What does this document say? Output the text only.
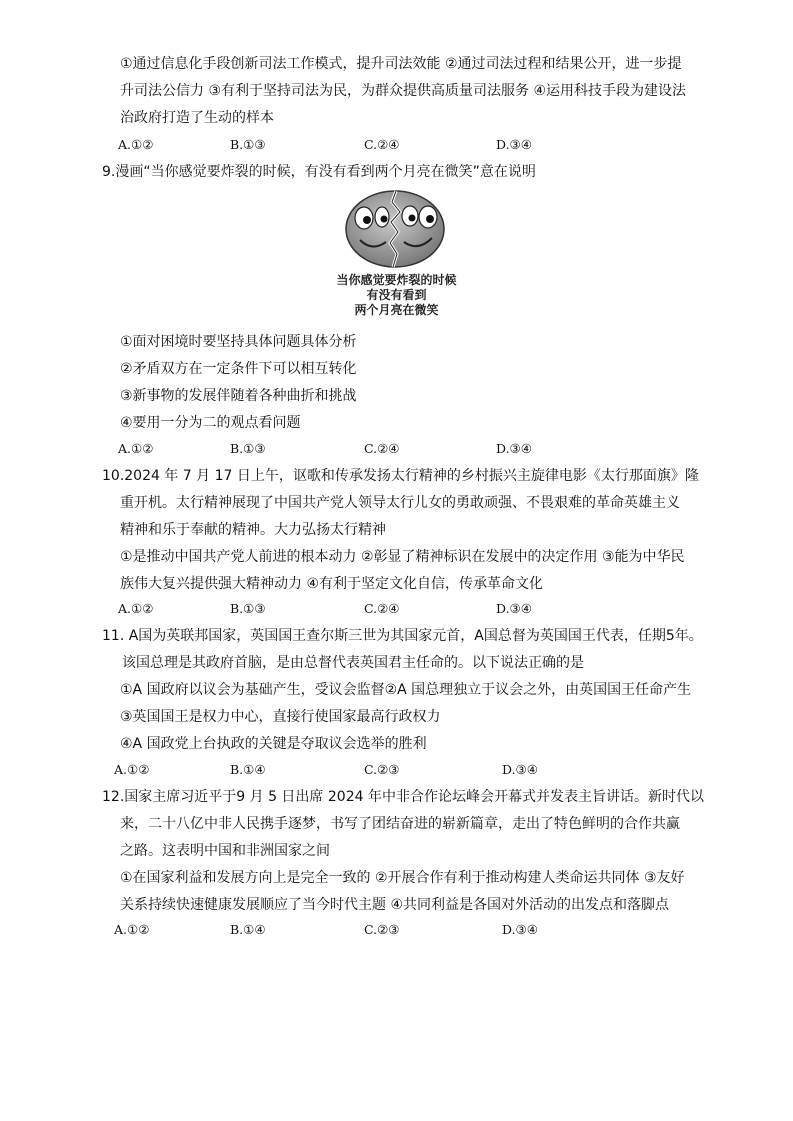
①通过信息化手段创新司法工作模式，提升司法效能 ②通过司法过程和结果公开，进一步提
升司法公信力 ③有利于坚持司法为民，为群众提供高质量司法服务 ④运用科技手段为建设法
治政府打造了生动的样本
A.①②	B.①③	C.②④	D.③④
9.漫画“当你感觉要炸裂的时候，有没有看到两个月亮在微笑”意在说明
当你感觉要炸裂的时候
有没有看到
两个月亮在微笑
①面对困境时要坚持具体问题具体分析
②矛盾双方在一定条件下可以相互转化
③新事物的发展伴随着各种曲折和挑战
④要用一分为二的观点看问题
A.①②	B.①③	C.②④	D.③④
10.2024 年 7 月 17 日上午，讴歌和传承发扬太行精神的乡村振兴主旋律电影《太行那面旗》隆
重开机。太行精神展现了中国共产党人领导太行儿女的勇敢顽强、不畏艰难的革命英雄主义
精神和乐于奉献的精神。大力弘扬太行精神
①是推动中国共产党人前进的根本动力 ②彰显了精神标识在发展中的决定作用 ③能为中华民
族伟大复兴提供强大精神动力 ④有利于坚定文化自信，传承革命文化
A.①②	B.①③	C.②④	D.③④
11. A国为英联邦国家，英国国王查尔斯三世为其国家元首，A国总督为英国国王代表，任期5年。
该国总理是其政府首脑，是由总督代表英国君主任命的。以下说法正确的是
①A 国政府以议会为基础产生，受议会监督②A 国总理独立于议会之外，由英国国王任命产生
③英国国王是权力中心，直接行使国家最高行政权力
④A 国政党上台执政的关键是夺取议会选举的胜利
A.①②	B.①④	C.②③	D.③④
12.国家主席习近平于9 月 5 日出席 2024 年中非合作论坛峰会开幕式并发表主旨讲话。新时代以
来，二十八亿中非人民携手逐梦，书写了团结奋进的崭新篇章，走出了特色鲜明的合作共赢
之路。这表明中国和非洲国家之间
①在国家利益和发展方向上是完全一致的 ②开展合作有利于推动构建人类命运共同体 ③友好
关系持续快速健康发展顺应了当今时代主题 ④共同利益是各国对外活动的出发点和落脚点
A.①②	B.①④	C.②③	D.③④
